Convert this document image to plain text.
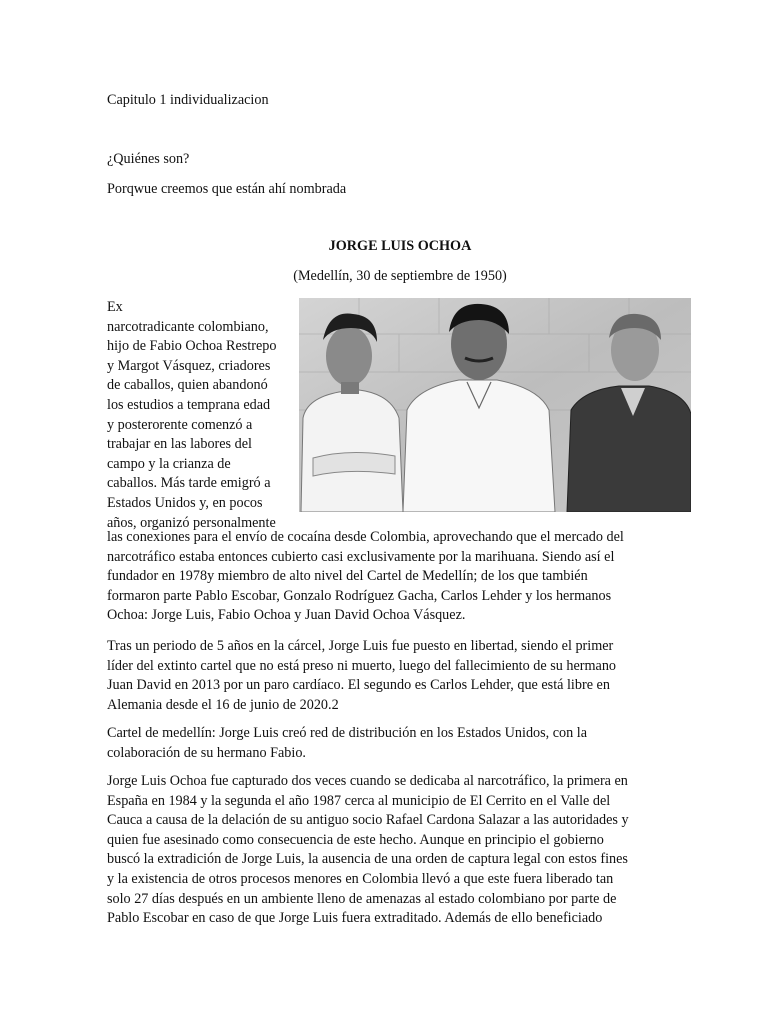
Capitulo 1 individualizacion
¿Quiénes son?
Porqwue creemos que están ahí nombrada
JORGE LUIS OCHOA
(Medellín, 30 de septiembre de 1950)
Ex
narcotradicante colombiano,
hijo de Fabio Ochoa Restrepo
y Margot Vásquez, criadores
de caballos, quien abandonó
los estudios a temprana edad
y posterorente comenzó a
trabajar en las labores del
campo y la crianza de
caballos. Más tarde emigró a
Estados Unidos y, en pocos
años, organizó personalmente
las conexiones para el envío de cocaína desde Colombia, aprovechando que el mercado del
narcotráfico estaba entonces cubierto casi exclusivamente por la marihuana. Siendo así el
fundador en 1978y miembro de alto nivel del Cartel de Medellín; de los que también
formaron parte Pablo Escobar, Gonzalo Rodríguez Gacha, Carlos Lehder y los hermanos
Ochoa: Jorge Luis, Fabio Ochoa y Juan David Ochoa Vásquez.
Tras un periodo de 5 años en la cárcel, Jorge Luis fue puesto en libertad, siendo el primer
líder del extinto cartel que no está preso ni muerto, luego del fallecimiento de su hermano
Juan David en 2013 por un paro cardíaco. El segundo es Carlos Lehder, que está libre en
Alemania desde el 16 de junio de 2020.2
Cartel de medellín: Jorge Luis creó red de distribución en los Estados Unidos, con la
colaboración de su hermano Fabio.
Jorge Luis Ochoa fue capturado dos veces cuando se dedicaba al narcotráfico, la primera en
España en 1984 y la segunda el año 1987 cerca al municipio de El Cerrito en el Valle del
Cauca a causa de la delación de su antiguo socio Rafael Cardona Salazar a las autoridades y
quien fue asesinado como consecuencia de este hecho. Aunque en principio el gobierno
buscó la extradición de Jorge Luis, la ausencia de una orden de captura legal con estos fines
y la existencia de otros procesos menores en Colombia llevó a que este fuera liberado tan
solo 27 días después en un ambiente lleno de amenazas al estado colombiano por parte de
Pablo Escobar en caso de que Jorge Luis fuera extraditado. Además de ello beneficiado
